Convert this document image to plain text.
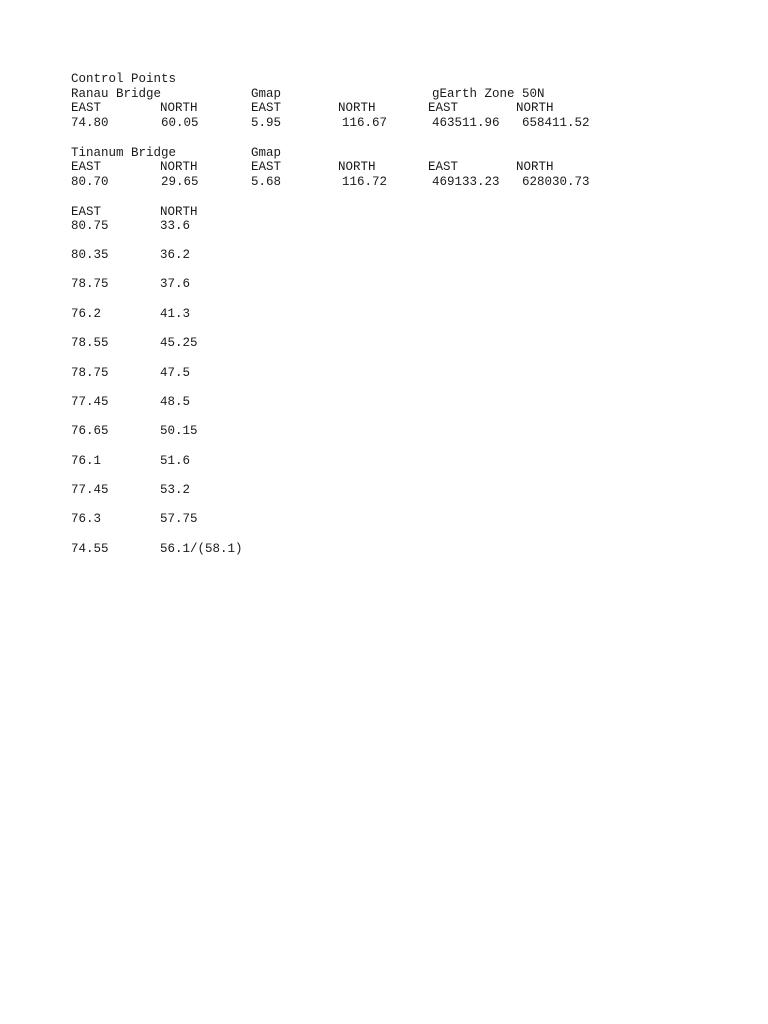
Control Points
Ranau Bridge	Gmap	gEarth Zone 50N
EAST	NORTH	EAST	NORTH	EAST	NORTH
74.80	60.05	5.95	116.67	463511.96 658411.52
Tinanum Bridge	Gmap
EAST	NORTH	EAST	NORTH	EAST	NORTH
80.70	29.65	5.68	116.72	469133.23 628030.73
EAST	NORTH
80.75	33.6
80.35	36.2
78.75	37.6
76.2	41.3
78.55	45.25
78.75	47.5
77.45	48.5
76.65	50.15
76.1	51.6
77.45	53.2
76.3	57.75
74.55	56.1/(58.1)
